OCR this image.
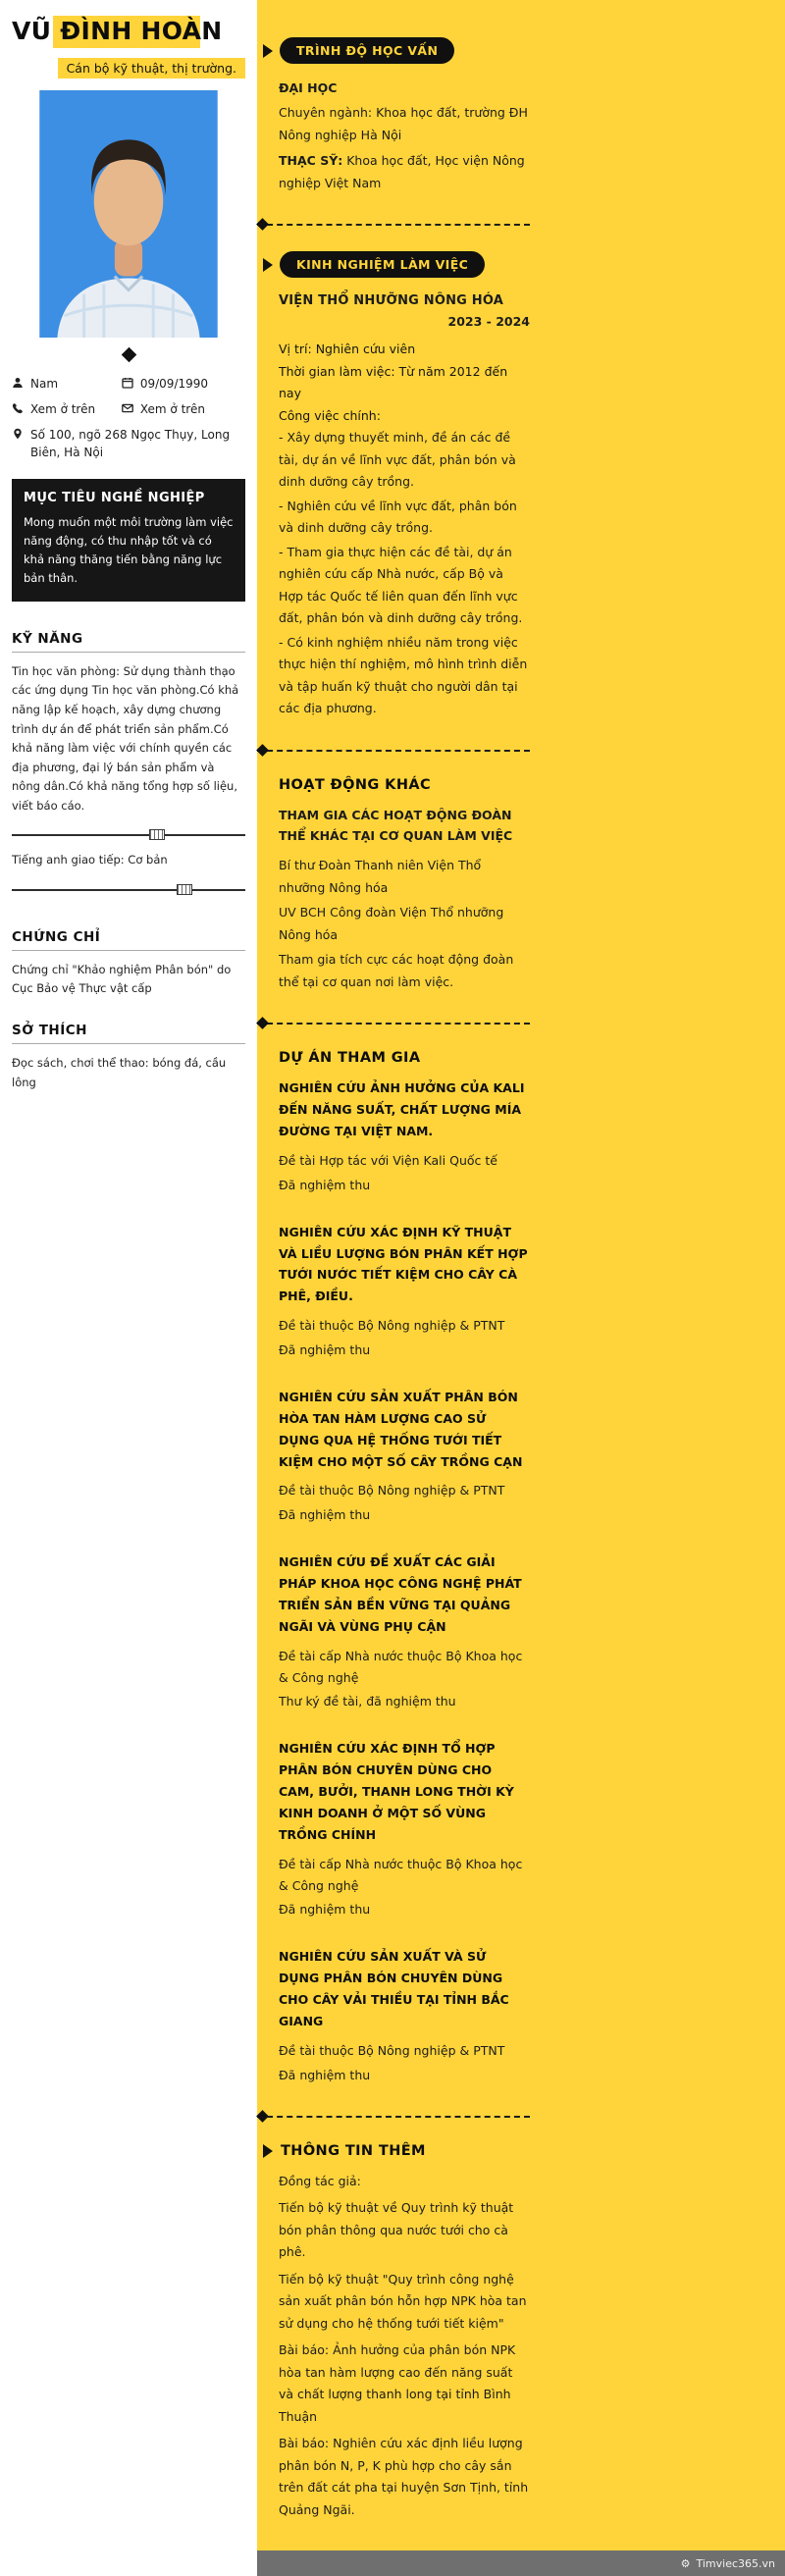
VŨ ĐÌNH HOÀN
Cán bộ kỹ thuật, thị trường.
Nam	09/09/1990
Xem ở trên	Xem ở trên
Số 100, ngõ 268 Ngọc Thụy, Long Biên, Hà Nội
MỤC TIÊU NGHỀ NGHIỆP

Mong muốn một môi trường làm việc năng động, có thu nhập tốt và có khả năng thăng tiến bằng năng lực bản thân.

KỸ NĂNG

Tin học văn phòng: Sử dụng thành thạo các ứng dụng Tin học văn phòng.Có khả năng lập kế hoạch, xây dựng chương trình dự án để phát triển sản phẩm.Có khả năng làm việc với chính quyền các địa phương, đại lý bán sản phẩm và nông dân.Có khả năng tổng hợp số liệu, viết báo cáo.

Tiếng anh giao tiếp: Cơ bản

CHỨNG CHỈ

Chứng chỉ "Khảo nghiệm Phân bón" do Cục Bảo vệ Thực vật cấp

SỞ THÍCH

Đọc sách, chơi thể thao: bóng đá, cầu lông

TRÌNH ĐỘ HỌC VẤN

ĐẠI HỌC

Chuyên ngành: Khoa học đất, trường ĐH Nông nghiệp Hà Nội

THẠC SỸ: Khoa học đất, Học viện Nông nghiệp Việt Nam

KINH NGHIỆM LÀM VIỆC

VIỆN THỔ NHƯỠNG NÔNG HÓA

2023 - 2024

Vị trí: Nghiên cứu viên

Thời gian làm việc: Từ năm 2012 đến nay

Công việc chính:

- Xây dựng thuyết minh, đề án các đề tài, dự án về lĩnh vực đất, phân bón và dinh dưỡng cây trồng.

- Nghiên cứu về lĩnh vực đất, phân bón và dinh dưỡng cây trồng.

- Tham gia thực hiện các đề tài, dự án nghiên cứu cấp Nhà nước, cấp Bộ và Hợp tác Quốc tế liên quan đến lĩnh vực đất, phân bón và dinh dưỡng cây trồng.

- Có kinh nghiệm nhiều năm trong việc thực hiện thí nghiệm, mô hình trình diễn và tập huấn kỹ thuật cho người dân tại các địa phương.

HOẠT ĐỘNG KHÁC

THAM GIA CÁC HOẠT ĐỘNG ĐOÀN THỂ KHÁC TẠI CƠ QUAN LÀM VIỆC

Bí thư Đoàn Thanh niên Viện Thổ nhưỡng Nông hóa

UV BCH Công đoàn Viện Thổ nhưỡng Nông hóa

Tham gia tích cực các hoạt động đoàn thể tại cơ quan nơi làm việc.

DỰ ÁN THAM GIA
NGHIÊN CỨU ẢNH HƯỞNG CỦA KALI ĐẾN NĂNG SUẤT, CHẤT LƯỢNG MÍA ĐƯỜNG TẠI VIỆT NAM.
Đề tài Hợp tác với Viện Kali Quốc tế
Đã nghiệm thu
NGHIÊN CỨU XÁC ĐỊNH KỸ THUẬT VÀ LIỀU LƯỢNG BÓN PHÂN KẾT HỢP TƯỚI NƯỚC TIẾT KIỆM CHO CÂY CÀ PHÊ, ĐIỀU.
Đề tài thuộc Bộ Nông nghiệp & PTNT
Đã nghiệm thu
NGHIÊN CỨU SẢN XUẤT PHÂN BÓN HÒA TAN HÀM LƯỢNG CAO SỬ DỤNG QUA HỆ THỐNG TƯỚI TIẾT KIỆM CHO MỘT SỐ CÂY TRỒNG CẠN
Đề tài thuộc Bộ Nông nghiệp & PTNT
Đã nghiệm thu
NGHIÊN CỨU ĐỀ XUẤT CÁC GIẢI PHÁP KHOA HỌC CÔNG NGHỆ PHÁT TRIỂN SẢN BỀN VỮNG TẠI QUẢNG NGÃI VÀ VÙNG PHỤ CẬN
Đề tài cấp Nhà nước thuộc Bộ Khoa học & Công nghệ
Thư ký đề tài, đã nghiệm thu
NGHIÊN CỨU XÁC ĐỊNH TỔ HỢP PHÂN BÓN CHUYÊN DÙNG CHO CAM, BƯỞI, THANH LONG THỜI KỲ KINH DOANH Ở MỘT SỐ VÙNG TRỒNG CHÍNH
Đề tài cấp Nhà nước thuộc Bộ Khoa học & Công nghệ
Đã nghiệm thu
NGHIÊN CỨU SẢN XUẤT VÀ SỬ DỤNG PHÂN BÓN CHUYÊN DÙNG CHO CÂY VẢI THIỀU TẠI TỈNH BẮC GIANG
Đề tài thuộc Bộ Nông nghiệp & PTNT
Đã nghiệm thu
THÔNG TIN THÊM

Đồng tác giả:

Tiến bộ kỹ thuật về Quy trình kỹ thuật bón phân thông qua nước tưới cho cà phê.

Tiến bộ kỹ thuật "Quy trình công nghệ sản xuất phân bón hỗn hợp NPK hòa tan sử dụng cho hệ thống tưới tiết kiệm"

Bài báo: Ảnh hưởng của phân bón NPK hòa tan hàm lượng cao đến năng suất và chất lượng thanh long tại tỉnh Bình Thuận

Bài báo: Nghiên cứu xác định liều lượng phân bón N, P, K phù hợp cho cây sắn trên đất cát pha tại huyện Sơn Tịnh, tỉnh Quảng Ngãi.

⚙ Timviec365.vn
